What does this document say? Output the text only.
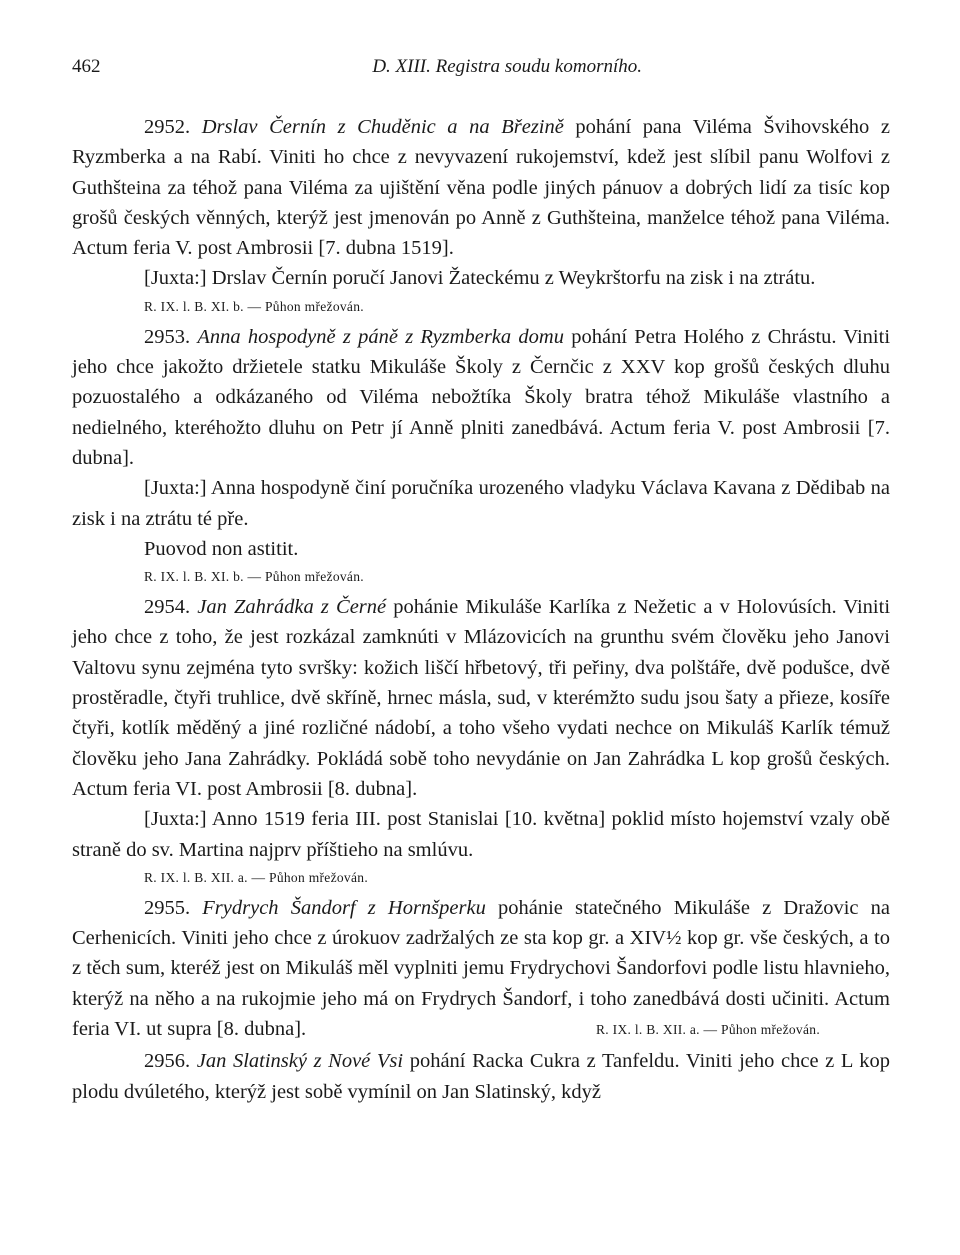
462	D. XIII. Registra soudu komorního.

2952. Drslav Černín z Chuděnic a na Březině pohání pana Viléma Švihovského z Ryzmberka a na Rabí. Viniti ho chce z nevyvazení rukojemství, kdež jest slíbil panu Wolfovi z Guthšteina za téhož pana Viléma za ujištění věna podle jiných pánuov a dobrých lidí za tisíc kop grošů českých věnných, kterýž jest jmenován po Anně z Guthšteina, manželce téhož pana Viléma. Actum feria V. post Ambrosii [7. dubna 1519].

[Juxta:] Drslav Černín poručí Janovi Žateckému z Weykrštorfu na zisk i na ztrátu.

R. IX. l. B. XI. b. — Půhon mřežován.

2953. Anna hospodyně z páně z Ryzmberka domu pohání Petra Holého z Chrástu. Viniti jeho chce jakožto držietele statku Mikuláše Školy z Černčic z XXV kop grošů českých dluhu pozuostalého a odkázaného od Viléma nebožtíka Školy bratra téhož Mikuláše vlastního a nedielného, kteréhožto dluhu on Petr jí Anně plniti zanedbává. Actum feria V. post Ambrosii [7. dubna].

[Juxta:] Anna hospodyně činí poručníka urozeného vladyku Václava Kavana z Dědibab na zisk i na ztrátu té pře.

Puovod non astitit.

R. IX. l. B. XI. b. — Půhon mřežován.

2954. Jan Zahrádka z Černé pohánie Mikuláše Karlíka z Nežetic a v Holovúsích. Viniti jeho chce z toho, že jest rozkázal zamknúti v Mlázovicích na grunthu svém člověku jeho Janovi Valtovu synu zejména tyto svršky: kožich liščí hřbetový, tři peřiny, dva polštáře, dvě podušce, dvě prostěradle, čtyři truhlice, dvě skříně, hrnec másla, sud, v kterémžto sudu jsou šaty a přieze, kosíře čtyři, kotlík měděný a jiné rozličné nádobí, a toho všeho vydati nechce on Mikuláš Karlík témuž člověku jeho Jana Zahrádky. Pokládá sobě toho nevydánie on Jan Zahrádka L kop grošů českých. Actum feria VI. post Ambrosii [8. dubna].

[Juxta:] Anno 1519 feria III. post Stanislai [10. května] poklid místo hojemství vzaly obě straně do sv. Martina najprv příštieho na smlúvu.

R. IX. l. B. XII. a. — Půhon mřežován.

2955. Frydrych Šandorf z Hornšperku pohánie statečného Mikuláše z Dražovic na Cerhenicích. Viniti jeho chce z úrokuov zadržalých ze sta kop gr. a XIV½ kop gr. vše českých, a to z těch sum, kteréž jest on Mikuláš měl vyplniti jemu Frydrychovi Šandorfovi podle listu hlavnieho, kterýž na něho a na rukojmie jeho má on Frydrych Šandorf, i toho zanedbává dosti učiniti. Actum feria VI. ut supra [8. dubna].	R. IX. l. B. XII. a. — Půhon mřežován.

2956. Jan Slatinský z Nové Vsi pohání Racka Cukra z Tanfeldu. Viniti jeho chce z L kop plodu dvúletého, kterýž jest sobě vymínil on Jan Slatinský, když
